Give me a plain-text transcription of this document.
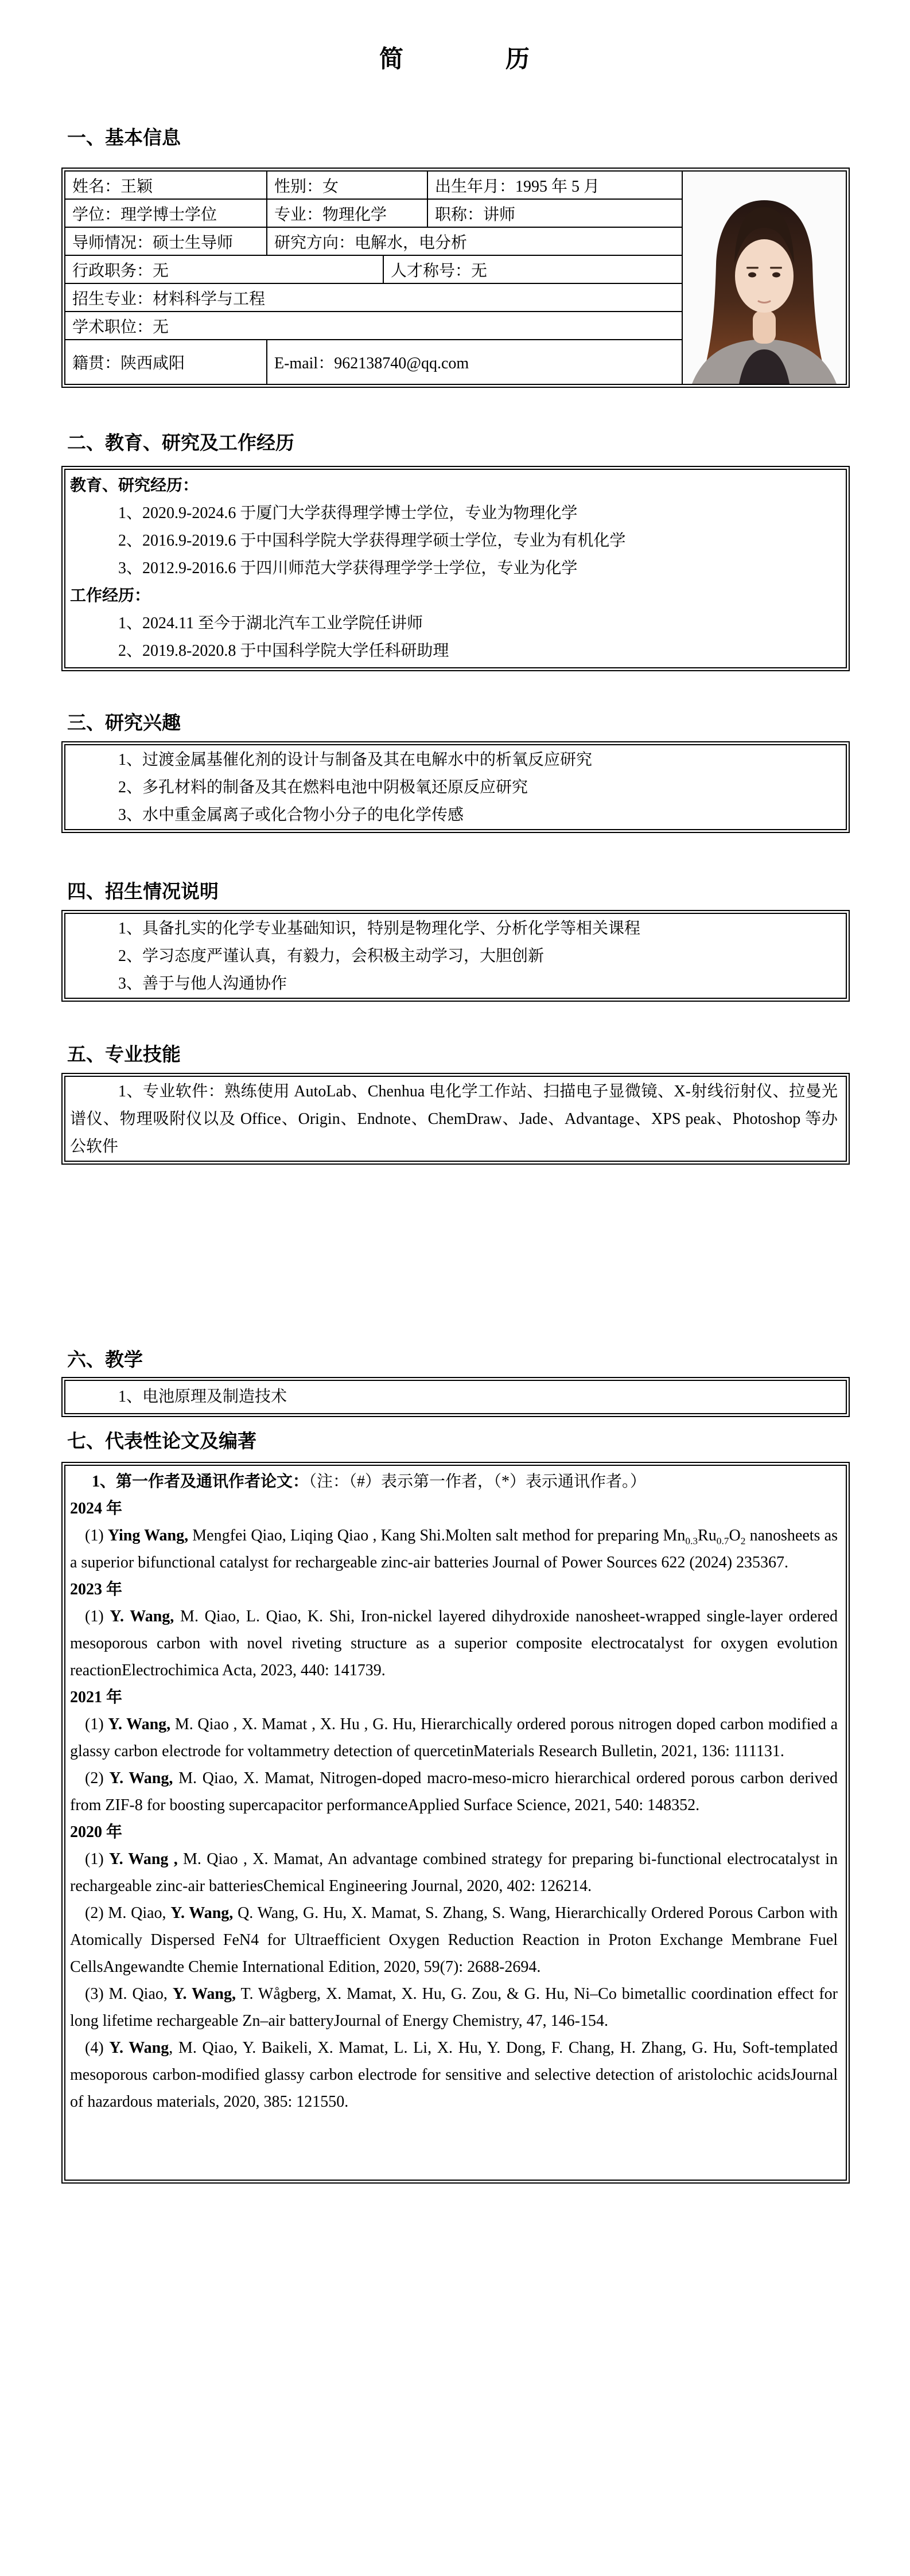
简　　　　历
一、基本信息
姓名：王颖	性别：女	出生年月：1995 年 5 月
学位：理学博士学位	专业：物理化学	职称：讲师
导师情况：硕士生导师	研究方向：电解水，电分析
行政职务：无	人才称号：无
招生专业：材料科学与工程
学术职位：无
籍贯：陕西咸阳	E-mail：962138740@qq.com
二、教育、研究及工作经历

教育、研究经历：

1、2020.9-2024.6 于厦门大学获得理学博士学位，专业为物理化学

2、2016.9-2019.6 于中国科学院大学获得理学硕士学位，专业为有机化学

3、2012.9-2016.6 于四川师范大学获得理学学士学位，专业为化学

工作经历：

1、2024.11 至今于湖北汽车工业学院任讲师

2、2019.8-2020.8 于中国科学院大学任科研助理

三、研究兴趣

1、过渡金属基催化剂的设计与制备及其在电解水中的析氧反应研究

2、多孔材料的制备及其在燃料电池中阴极氧还原反应研究

3、水中重金属离子或化合物小分子的电化学传感

四、招生情况说明

1、具备扎实的化学专业基础知识，特别是物理化学、分析化学等相关课程

2、学习态度严谨认真，有毅力，会积极主动学习，大胆创新

3、善于与他人沟通协作

五、专业技能

1、专业软件：熟练使用 AutoLab、Chenhua 电化学工作站、扫描电子显微镜、X-射线衍射仪、拉曼光谱仪、物理吸附仪以及 Office、Origin、Endnote、ChemDraw、Jade、Advantage、XPS peak、Photoshop 等办公软件

六、教学

1、电池原理及制造技术

七、代表性论文及编著

1、第一作者及通讯作者论文：（注：（#）表示第一作者，（*）表示通讯作者。）

2024 年

(1) Ying Wang, Mengfei Qiao, Liqing Qiao , Kang Shi.Molten salt method for preparing $Mn_{0.3}Ru_{0.7}O_2$ nanosheets as a superior bifunctional catalyst for rechargeable zinc-air batteries Journal of Power Sources 622 (2024) 235367.

2023 年

(1) Y. Wang, M. Qiao, L. Qiao, K. Shi, Iron-nickel layered dihydroxide nanosheet-wrapped single-layer ordered mesoporous carbon with novel riveting structure as a superior composite electrocatalyst for oxygen evolution reactionElectrochimica Acta, 2023, 440: 141739.

2021 年

(1) Y. Wang, M. Qiao , X. Mamat , X. Hu , G. Hu, Hierarchically ordered porous nitrogen doped carbon modified a glassy carbon electrode for voltammetry detection of quercetinMaterials Research Bulletin, 2021, 136: 111131.

(2) Y. Wang, M. Qiao, X. Mamat, Nitrogen-doped macro-meso-micro hierarchical ordered porous carbon derived from ZIF-8 for boosting supercapacitor performanceApplied Surface Science, 2021, 540: 148352.

2020 年

(1) Y. Wang , M. Qiao , X. Mamat, An advantage combined strategy for preparing bi-functional electrocatalyst in rechargeable zinc-air batteriesChemical Engineering Journal, 2020, 402: 126214.

(2) M. Qiao, Y. Wang, Q. Wang, G. Hu, X. Mamat, S. Zhang, S. Wang, Hierarchically Ordered Porous Carbon with Atomically Dispersed FeN4 for Ultraefficient Oxygen Reduction Reaction in Proton Exchange Membrane Fuel CellsAngewandte Chemie International Edition, 2020, 59(7): 2688-2694.

(3) M. Qiao, Y. Wang, T. Wågberg, X. Mamat, X. Hu, G. Zou, & G. Hu, Ni–Co bimetallic coordination effect for long lifetime rechargeable Zn–air batteryJournal of Energy Chemistry, 47, 146-154.

(4) Y. Wang, M. Qiao, Y. Baikeli, X. Mamat, L. Li, X. Hu, Y. Dong, F. Chang, H. Zhang, G. Hu, Soft-templated mesoporous carbon-modified glassy carbon electrode for sensitive and selective detection of aristolochic acidsJournal of hazardous materials, 2020, 385: 121550.
